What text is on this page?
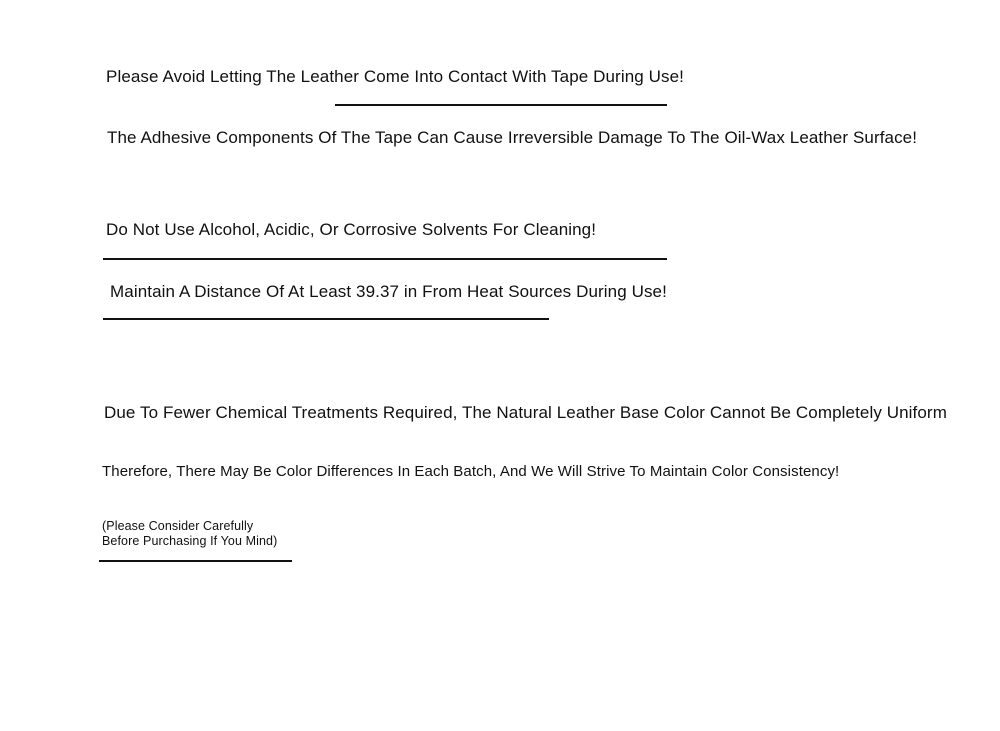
Please Avoid Letting The Leather Come Into Contact With Tape During Use!
The Adhesive Components Of The Tape Can Cause Irreversible Damage To The Oil-Wax Leather Surface!
Do Not Use Alcohol, Acidic, Or Corrosive Solvents For Cleaning!
Maintain A Distance Of At Least 39.37 in From Heat Sources During Use!
Due To Fewer Chemical Treatments Required, The Natural Leather Base Color Cannot Be Completely Uniform
Therefore, There May Be Color Differences In Each Batch, And We Will Strive To Maintain Color Consistency!
(Please Consider Carefully
Before Purchasing If You Mind)
